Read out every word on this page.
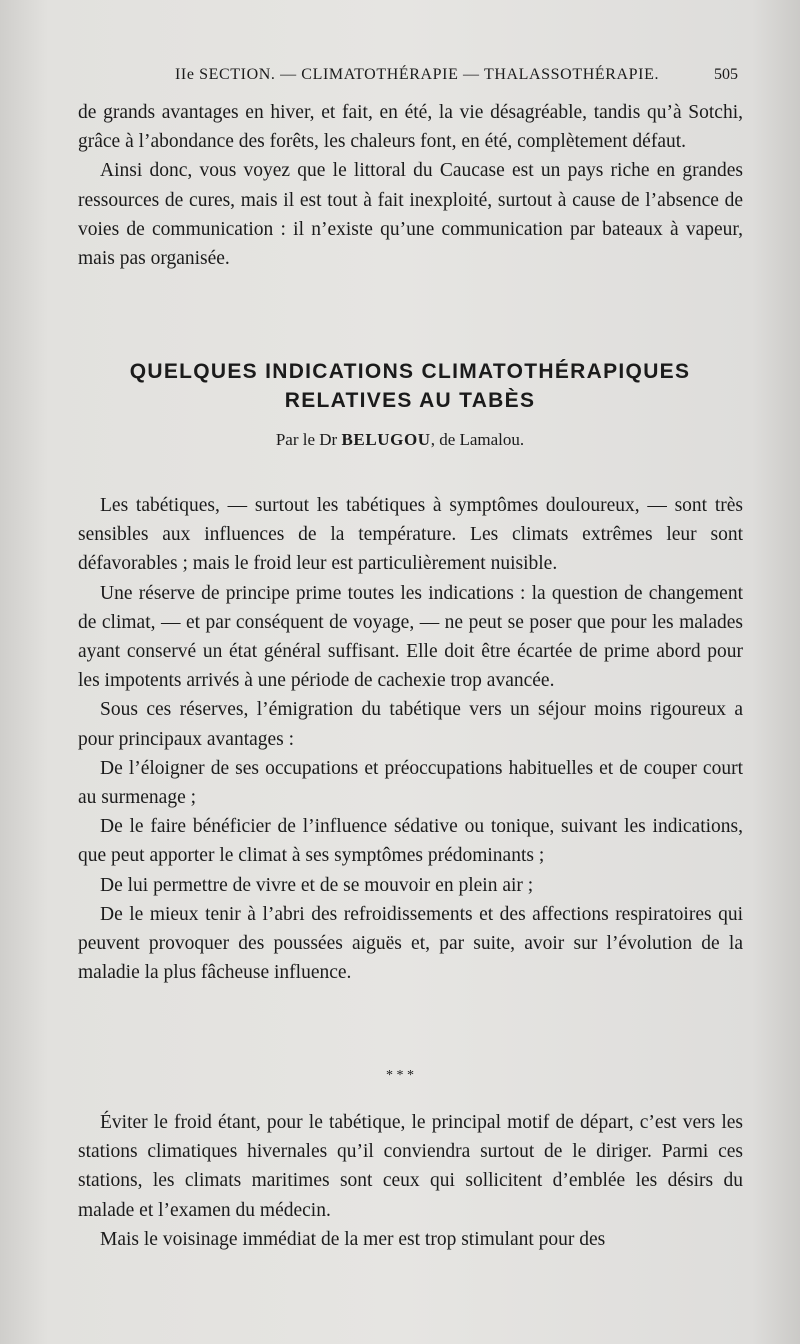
IIe SECTION. — CLIMATOTHÉRAPIE — THALASSOTHÉRAPIE.	505

de grands avantages en hiver, et fait, en été, la vie désagréable, tandis qu’à Sotchi, grâce à l’abondance des forêts, les chaleurs font, en été, complètement défaut.

Ainsi donc, vous voyez que le littoral du Caucase est un pays riche en grandes ressources de cures, mais il est tout à fait inexploité, surtout à cause de l’absence de voies de communication : il n’existe qu’une communication par bateaux à vapeur, mais pas organisée.

QUELQUES INDICATIONS CLIMATOTHÉRAPIQUES
RELATIVES AU TABÈS
Par le Dr BELUGOU, de Lamalou.

Les tabétiques, — surtout les tabétiques à symptômes douloureux, — sont très sensibles aux influences de la température. Les climats extrêmes leur sont défavorables ; mais le froid leur est particulièrement nuisible.

Une réserve de principe prime toutes les indications : la question de changement de climat, — et par conséquent de voyage, — ne peut se poser que pour les malades ayant conservé un état général suffisant. Elle doit être écartée de prime abord pour les impotents arrivés à une période de cachexie trop avancée.

Sous ces réserves, l’émigration du tabétique vers un séjour moins rigoureux a pour principaux avantages :

De l’éloigner de ses occupations et préoccupations habituelles et de couper court au surmenage ;

De le faire bénéficier de l’influence sédative ou tonique, suivant les indications, que peut apporter le climat à ses symptômes prédominants ;

De lui permettre de vivre et de se mouvoir en plein air ;

De le mieux tenir à l’abri des refroidissements et des affections respiratoires qui peuvent provoquer des poussées aiguës et, par suite, avoir sur l’évolution de la maladie la plus fâcheuse influence.

* * *

Éviter le froid étant, pour le tabétique, le principal motif de départ, c’est vers les stations climatiques hivernales qu’il conviendra surtout de le diriger. Parmi ces stations, les climats maritimes sont ceux qui sollicitent d’emblée les désirs du malade et l’examen du médecin.

Mais le voisinage immédiat de la mer est trop stimulant pour des
